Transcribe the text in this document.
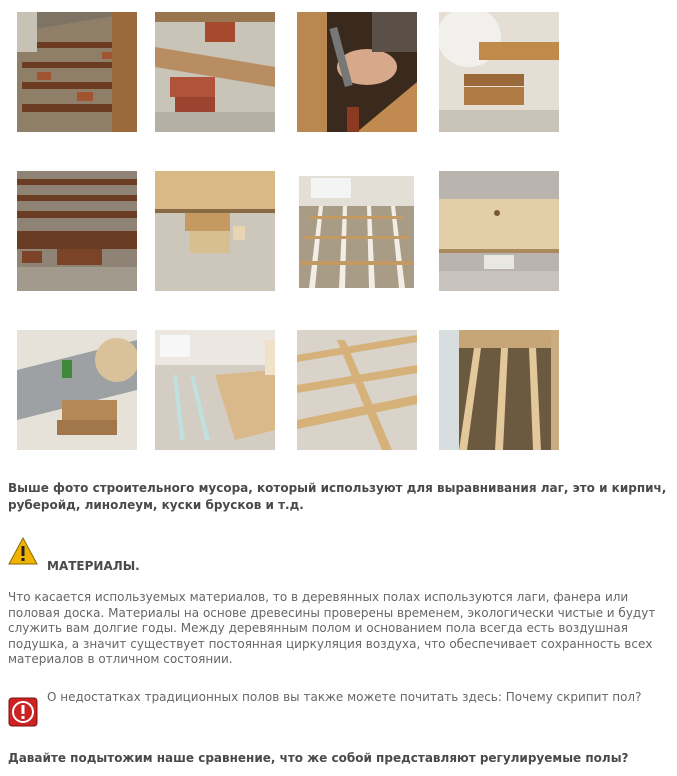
Выше фото строительного мусора, который используют для выравнивания лаг, это и кирпич, руберойд, линолеум, куски брусков и т.д.
МАТЕРИАЛЫ.
Что касается используемых материалов, то в деревянных полах используются лаги, фанера или половая доска. Материалы на основе древесины проверены временем, экологически чистые и будут служить вам долгие годы. Между деревянным полом и основанием пола всегда есть воздушная подушка, а значит существует постоянная циркуляция воздуха, что обеспечивает сохранность всех материалов в отличном состоянии.
О недостатках традиционных полов вы также можете почитать здесь: Почему скрипит пол?
Давайте подытожим наше сравнение, что же собой представляют регулируемые полы?
